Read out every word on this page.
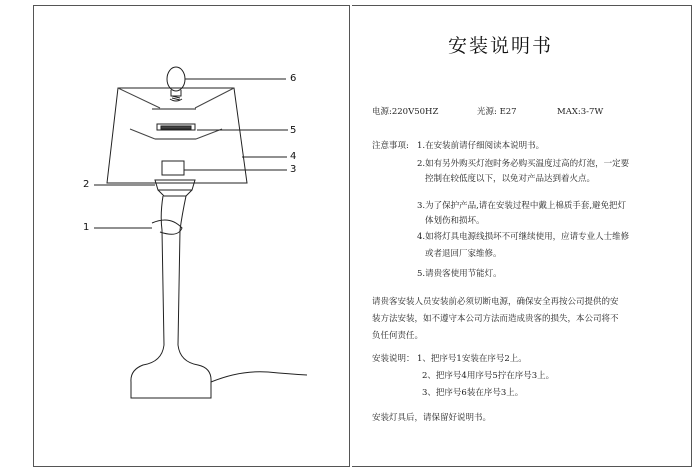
6
5
4
3
2
1
安装说明书
电源:220V50HZ	光源: E27	MAX:3-7W
注意事项: 1.在安装前请仔细阅读本说明书。
2.如有另外购买灯泡时务必购买温度过高的灯泡，一定要
控制在较低度以下，以免对产品达到着火点。
3.为了保护产品,请在安装过程中戴上棉质手套,避免把灯
体划伤和损坏。
4.如将灯具电源线损坏不可继续使用，应请专业人士维修
或者退回厂家维修。
5.请贵客使用节能灯。
请贵客安装人员安装前必须切断电源，确保安全再按公司提供的安
装方法安装，如不遵守本公司方法而造成贵客的损失，本公司将不
负任何责任。
安装说明： 1、把序号1安装在序号2上。
2、把序号4用序号5拧在序号3上。
3、把序号6装在序号3上。
安装灯具后，请保留好说明书。
